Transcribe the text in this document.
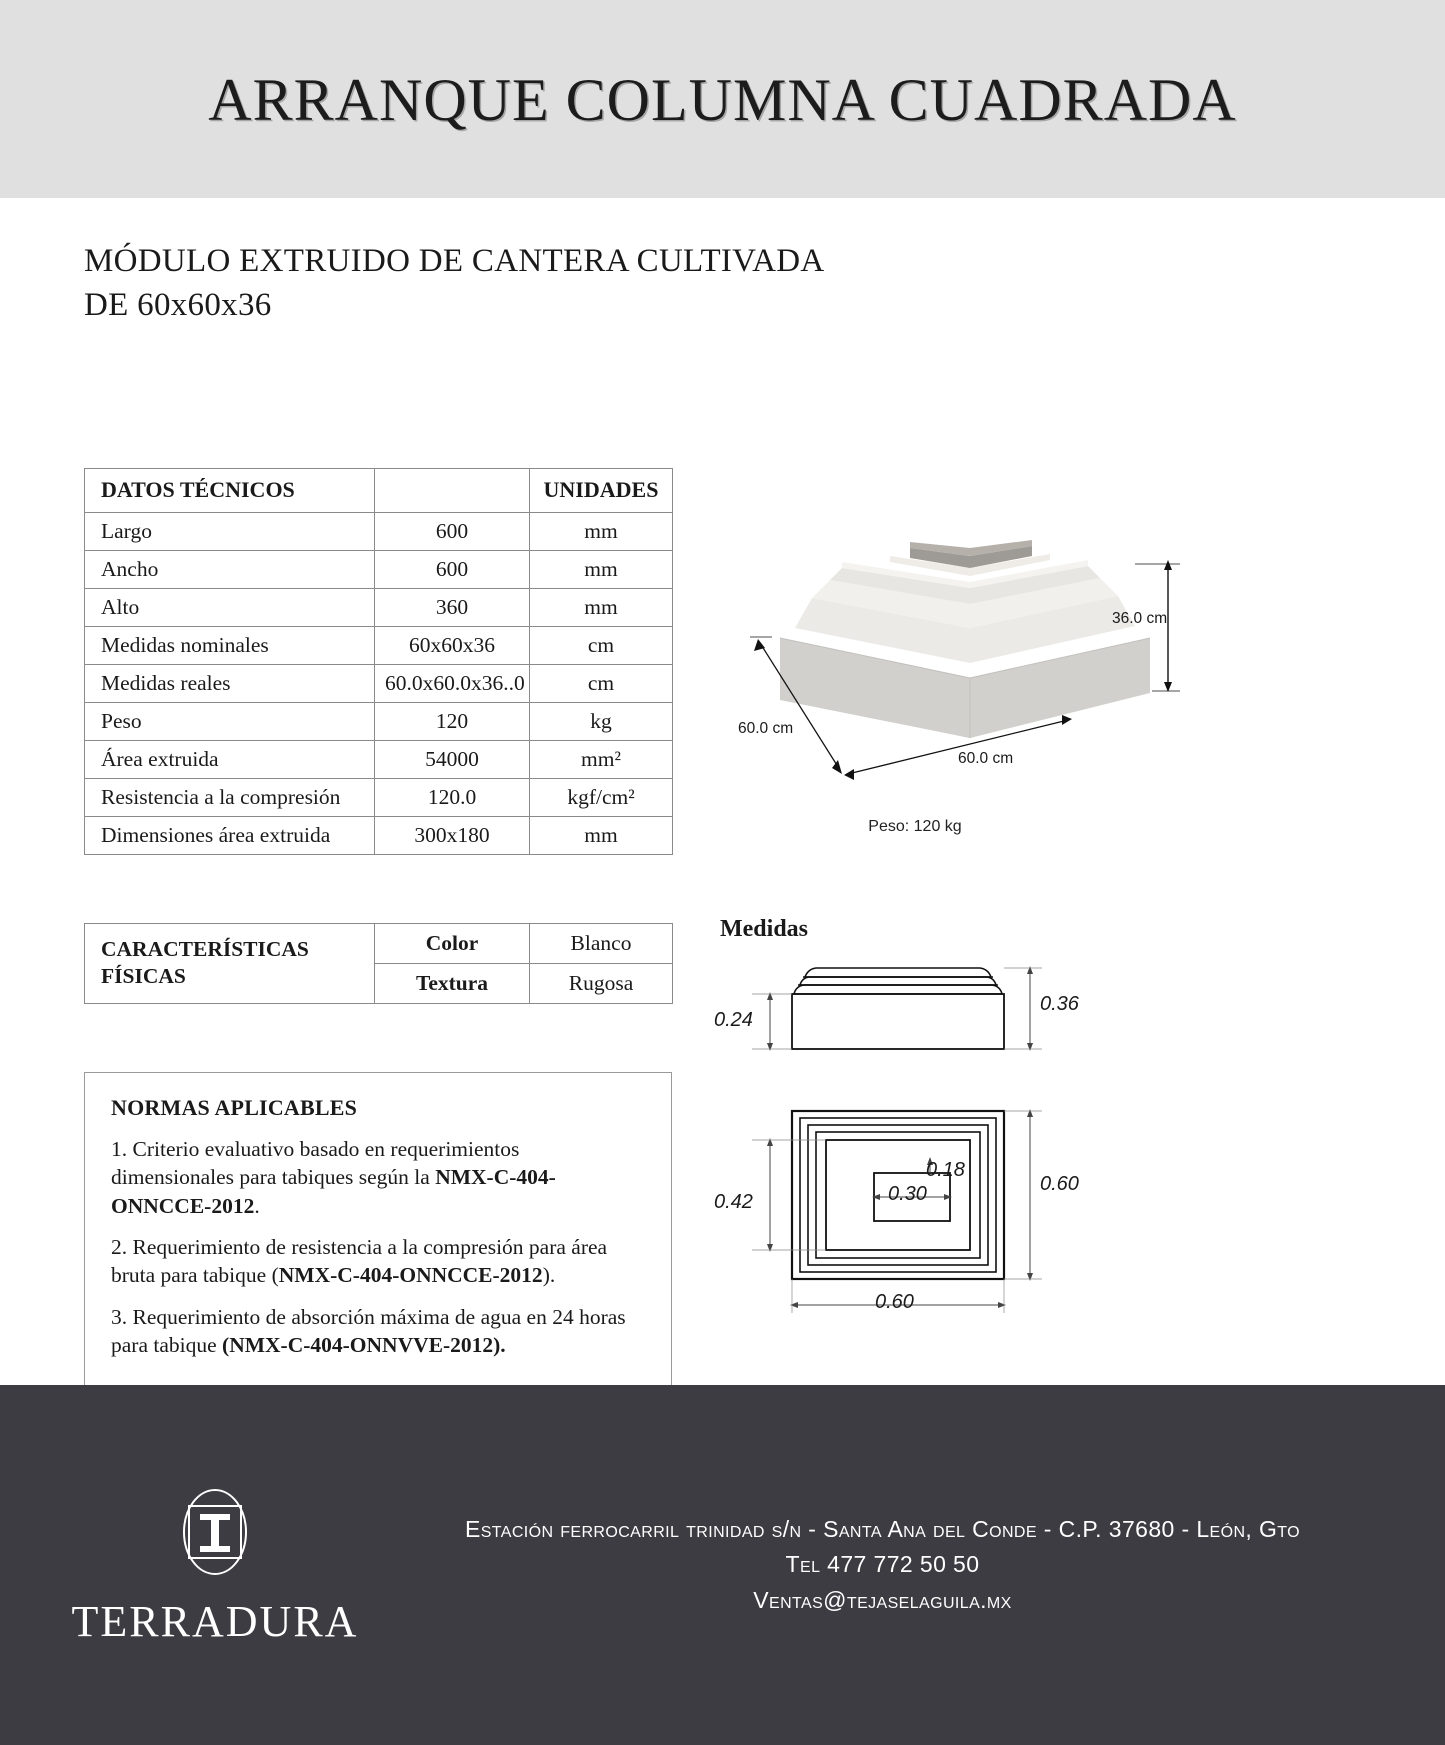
ARRANQUE COLUMNA CUADRADA
MÓDULO EXTRUIDO DE CANTERA CULTIVADA
DE 60x60x36
DATOS TÉCNICOS		UNIDADES
Largo	600	mm
Ancho	600	mm
Alto	360	mm
Medidas nominales	60x60x36	cm
Medidas reales	60.0x60.0x36..0	cm
Peso	120	kg
Área extruida	54000	mm²
Resistencia a la compresión	120.0	kgf/cm²
Dimensiones área extruida	300x180	mm
CARACTERÍSTICAS
FÍSICAS	Color	Blanco
	Textura	Rugosa
NORMAS APLICABLES

1. Criterio evaluativo basado en requerimientos dimensionales para tabiques según la NMX-C-404-ONNCCE-2012.

2. Requerimiento de resistencia a la compresión para área bruta para tabique (NMX-C-404-ONNCCE-2012).

3. Requerimiento de absorción máxima de agua en 24 horas para tabique (NMX-C-404-ONNVVE-2012).

36.0 cm
60.0 cm
60.0 cm
Peso: 120 kg
Medidas
0.24
0.36
0.42
0.60
0.18
0.30
0.60
TERRADURA
Estación ferrocarril trinidad s/n - Santa Ana del Conde - C.P. 37680 - León, Gto
Tel 477 772 50 50
Ventas@tejaselaguila.mx
